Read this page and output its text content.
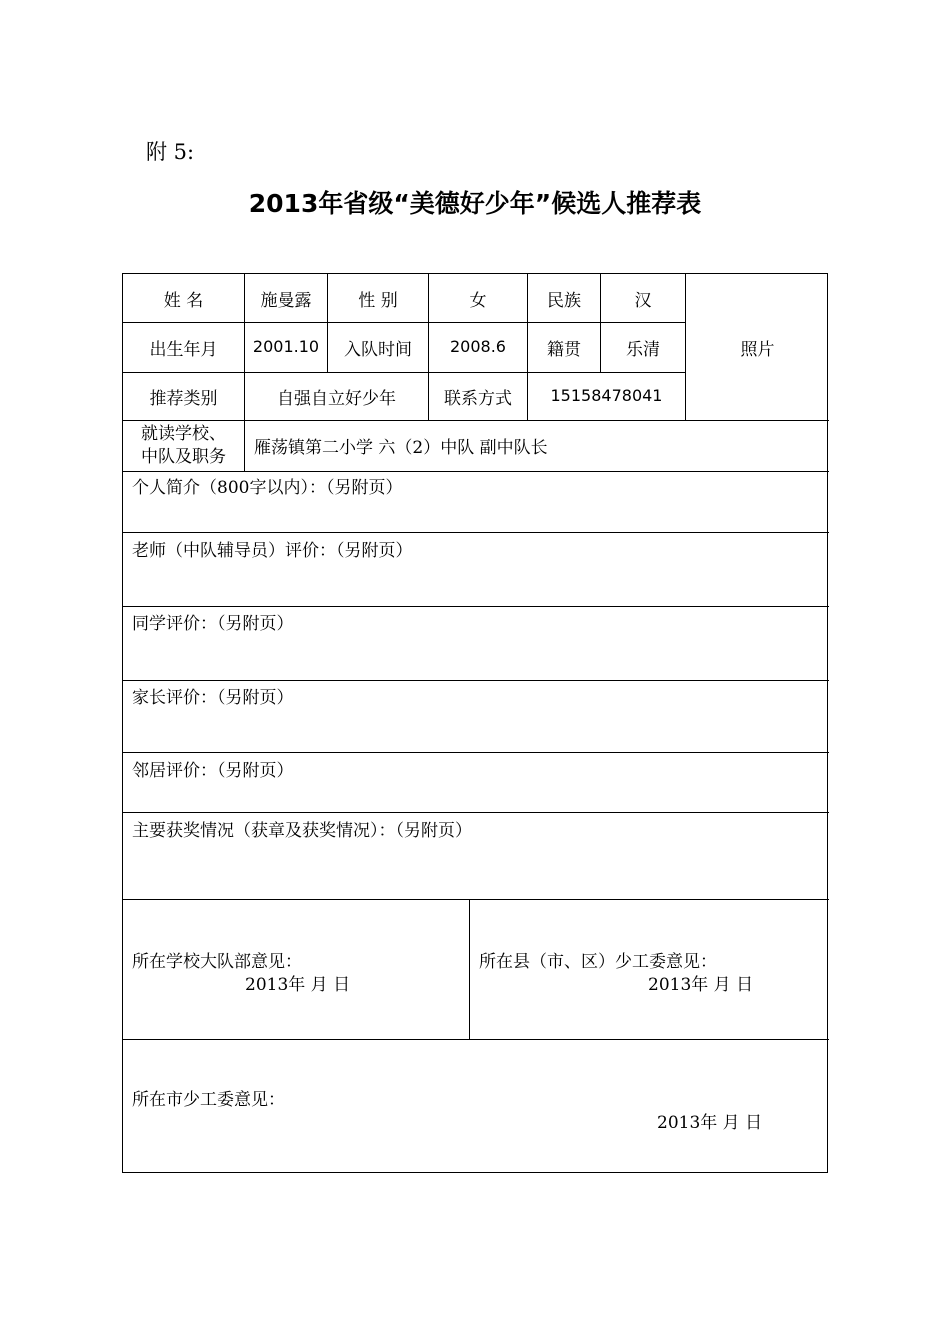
附 5:
2013年省级“美德好少年”候选人推荐表
姓 名	施曼露	性 别	女	民族	汉
出生年月	2001.10	入队时间	2008.6	籍贯	乐清
推荐类别	自强自立好少年	联系方式	15158478041
照片
就读学校、
中队及职务	雁荡镇第二小学 六（2）中队 副中队长
个人简介（800字以内）：（另附页）
老师（中队辅导员）评价：（另附页）
同学评价：（另附页）
家长评价：（另附页）
邻居评价：（另附页）
主要获奖情况（获章及获奖情况）：（另附页）
所在学校大队部意见：
2013年 月 日
所在县（市、区）少工委意见：
2013年 月 日
所在市少工委意见：
2013年 月 日
